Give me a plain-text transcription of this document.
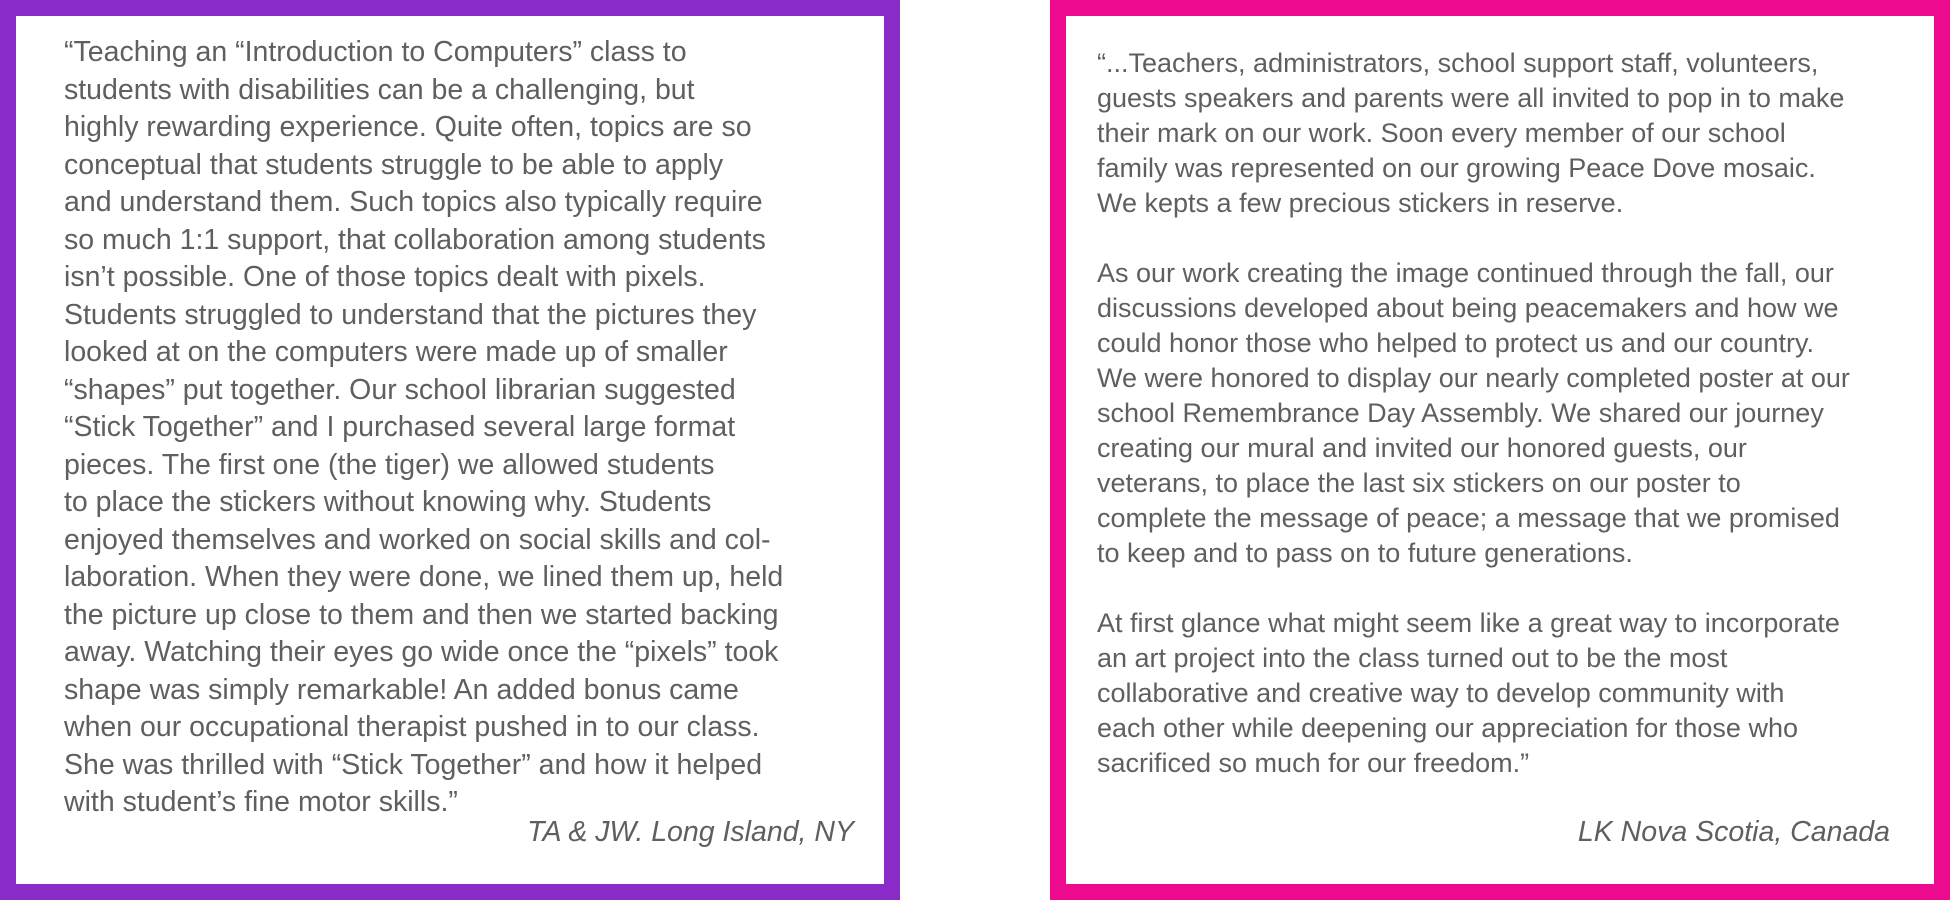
“Teaching an “Introduction to Computers” class to
students with disabilities can be a challenging, but
highly rewarding experience. Quite often, topics are so
conceptual that students struggle to be able to apply
and understand them. Such topics also typically require
so much 1:1 support, that collaboration among students
isn’t possible. One of those topics dealt with pixels.
Students struggled to understand that the pictures they
looked at on the computers were made up of smaller
“shapes” put together. Our school librarian suggested
“Stick Together” and I purchased several large format
pieces. The first one (the tiger) we allowed students
to place the stickers without knowing why. Students
enjoyed themselves and worked on social skills and col-
laboration. When they were done, we lined them up, held
the picture up close to them and then we started backing
away. Watching their eyes go wide once the “pixels” took
shape was simply remarkable! An added bonus came
when our occupational therapist pushed in to our class.
She was thrilled with “Stick Together” and how it helped
with student’s fine motor skills.”

TA & JW. Long Island, NY

“...Teachers, administrators, school support staff, volunteers,
guests speakers and parents were all invited to pop in to make
their mark on our work. Soon every member of our school
family was represented on our growing Peace Dove mosaic.
We kepts a few precious stickers in reserve.

As our work creating the image continued through the fall, our
discussions developed about being peacemakers and how we
could honor those who helped to protect us and our country.
We were honored to display our nearly completed poster at our
school Remembrance Day Assembly. We shared our journey
creating our mural and invited our honored guests, our
veterans, to place the last six stickers on our poster to
complete the message of peace; a message that we promised
to keep and to pass on to future generations.

At first glance what might seem like a great way to incorporate
an art project into the class turned out to be the most
collaborative and creative way to develop community with
each other while deepening our appreciation for those who
sacrificed so much for our freedom.”

LK Nova Scotia, Canada
